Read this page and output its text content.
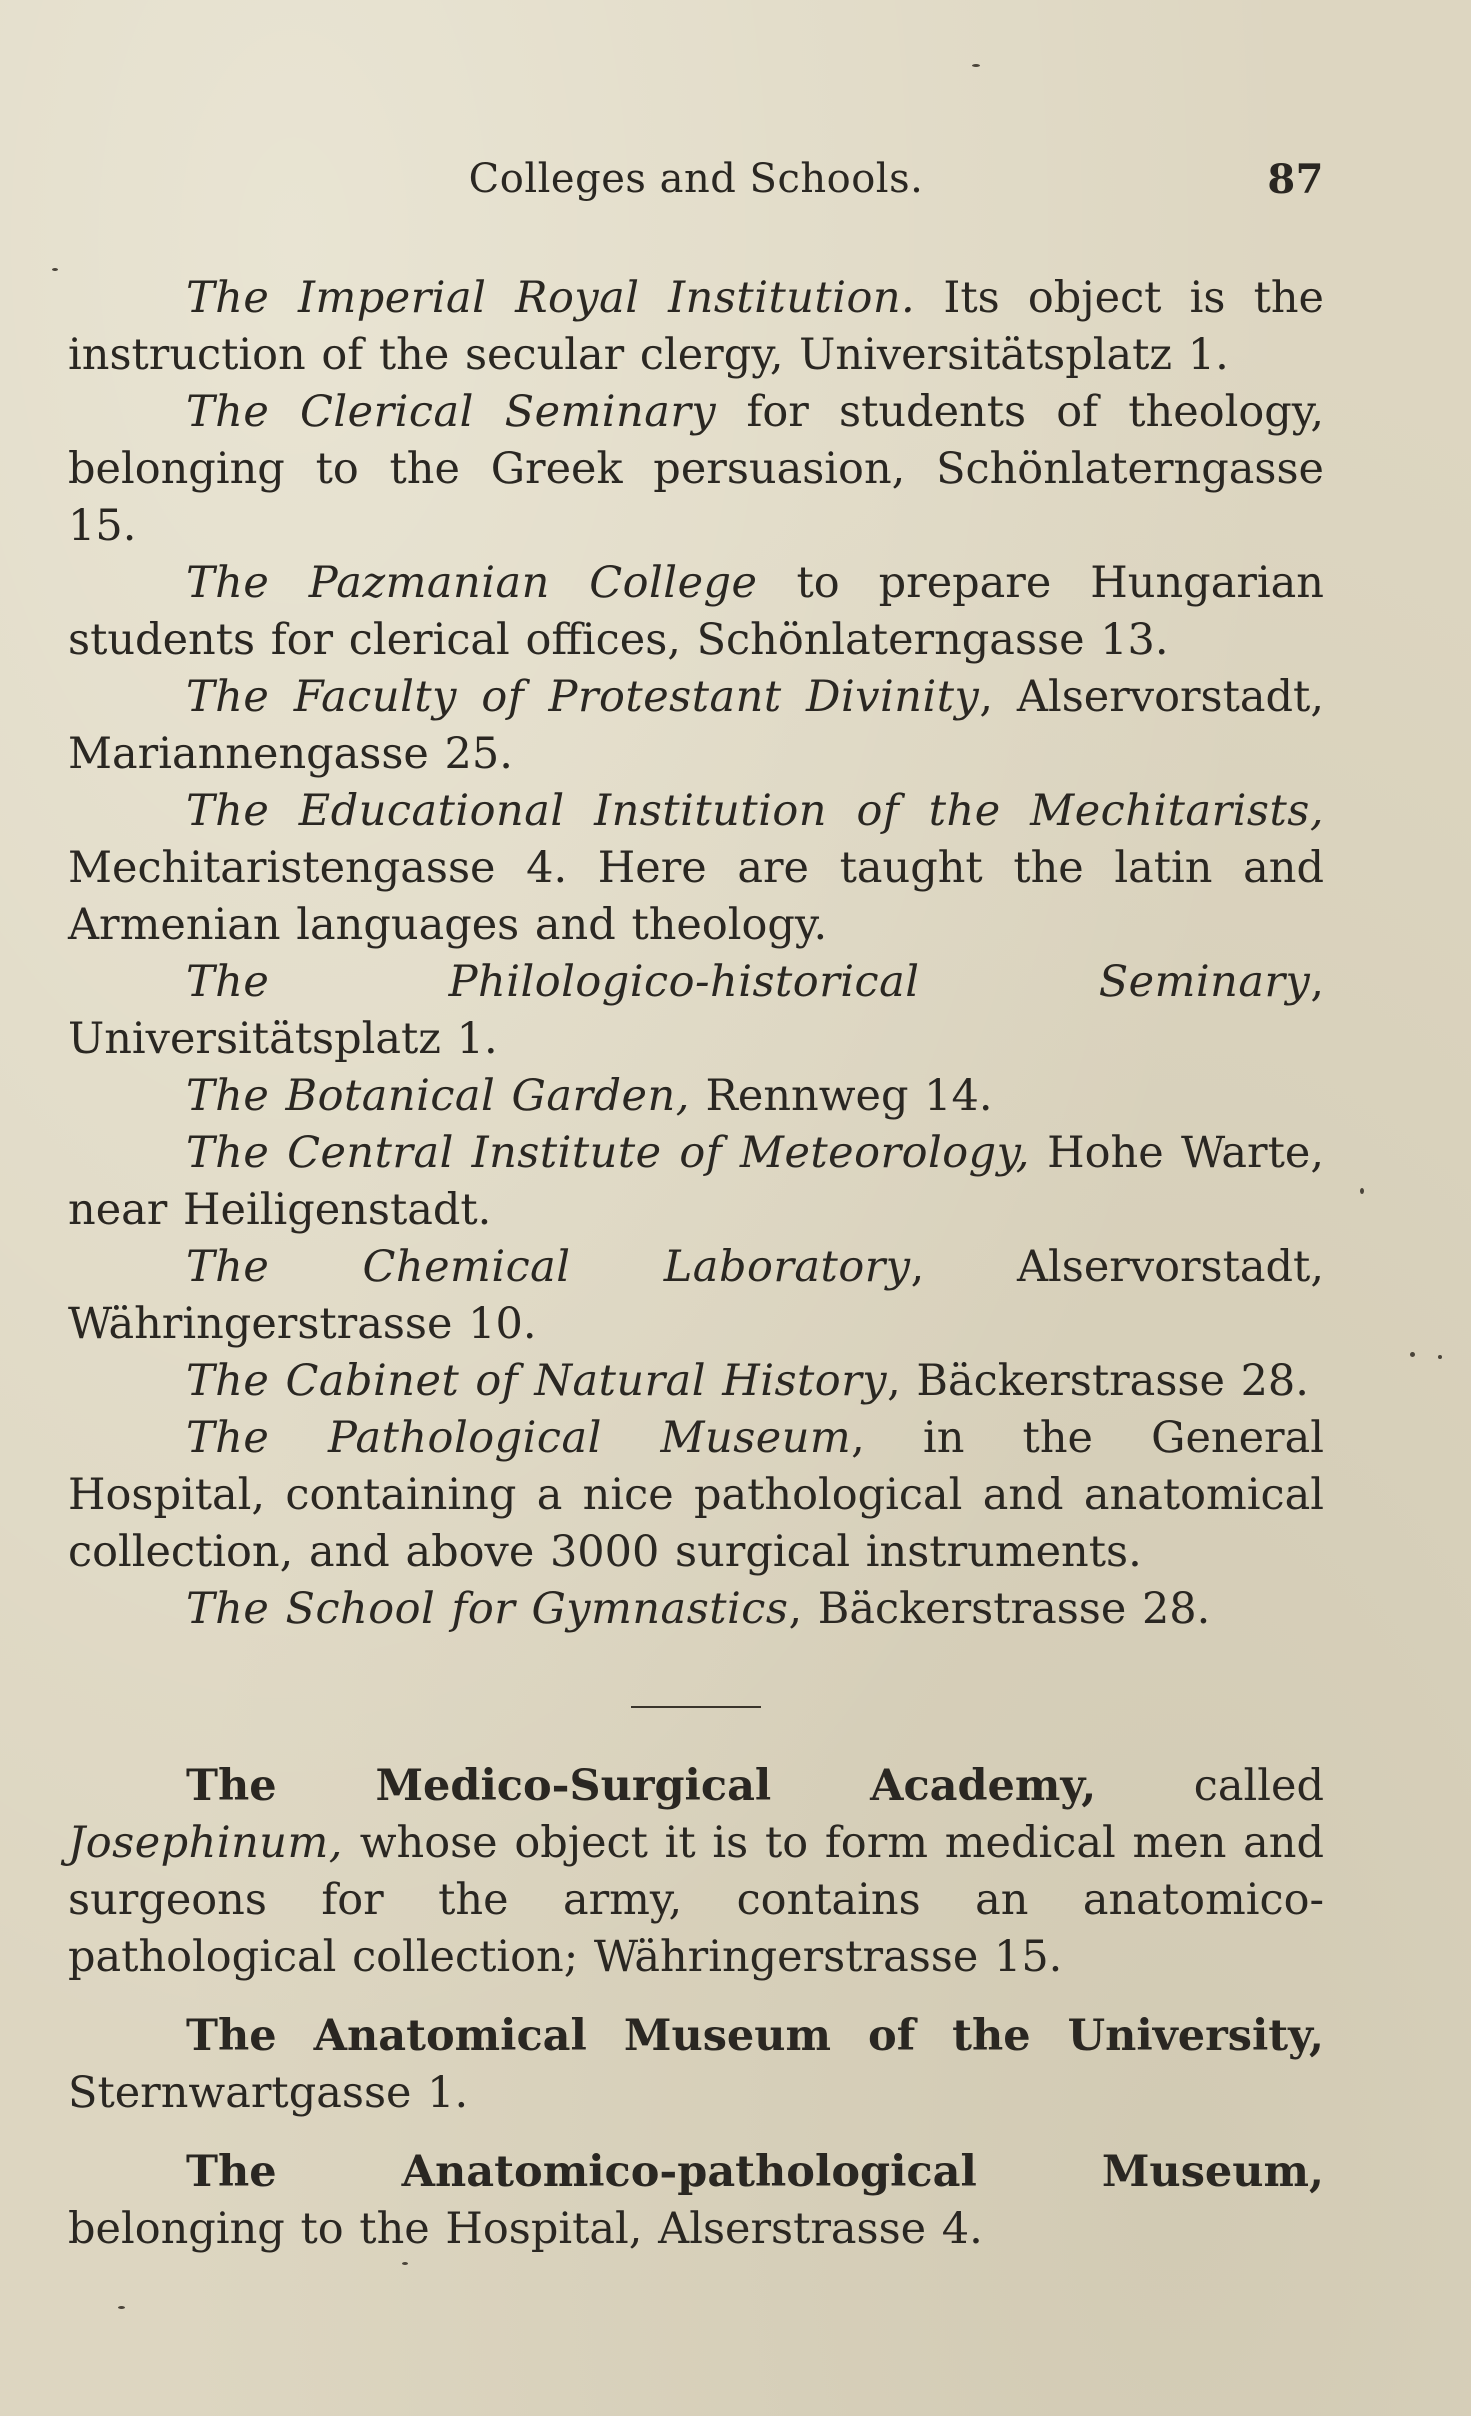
Colleges and Schools.	87

The Imperial Royal Institution. Its object is the instruction of the secular clergy, Universitätsplatz 1.

The Clerical Seminary for students of theology, belonging to the Greek persuasion, Schönlaterngasse 15.

The Pazmanian College to prepare Hungarian students for clerical offices, Schönlaterngasse 13.

The Faculty of Protestant Divinity, Alservorstadt, Mariannengasse 25.

The Educational Institution of the Mechitarists, Mechitaristengasse 4. Here are taught the latin and Armenian languages and theology.

The Philologico-historical Seminary, Universitätsplatz 1.

The Botanical Garden, Rennweg 14.

The Central Institute of Meteorology, Hohe Warte, near Heiligenstadt.

The Chemical Laboratory, Alservorstadt, Währingerstrasse 10.

The Cabinet of Natural History, Bäckerstrasse 28.

The Pathological Museum, in the General Hospital, containing a nice pathological and anatomical collection, and above 3000 surgical instruments.

The School for Gymnastics, Bäckerstrasse 28.

The Medico-Surgical Academy, called Josephinum, whose object it is to form medical men and surgeons for the army, contains an anatomico-pathological collection; Währingerstrasse 15.

The Anatomical Museum of the University, Sternwartgasse 1.

The Anatomico-pathological Museum, belonging to the Hospital, Alserstrasse 4.
